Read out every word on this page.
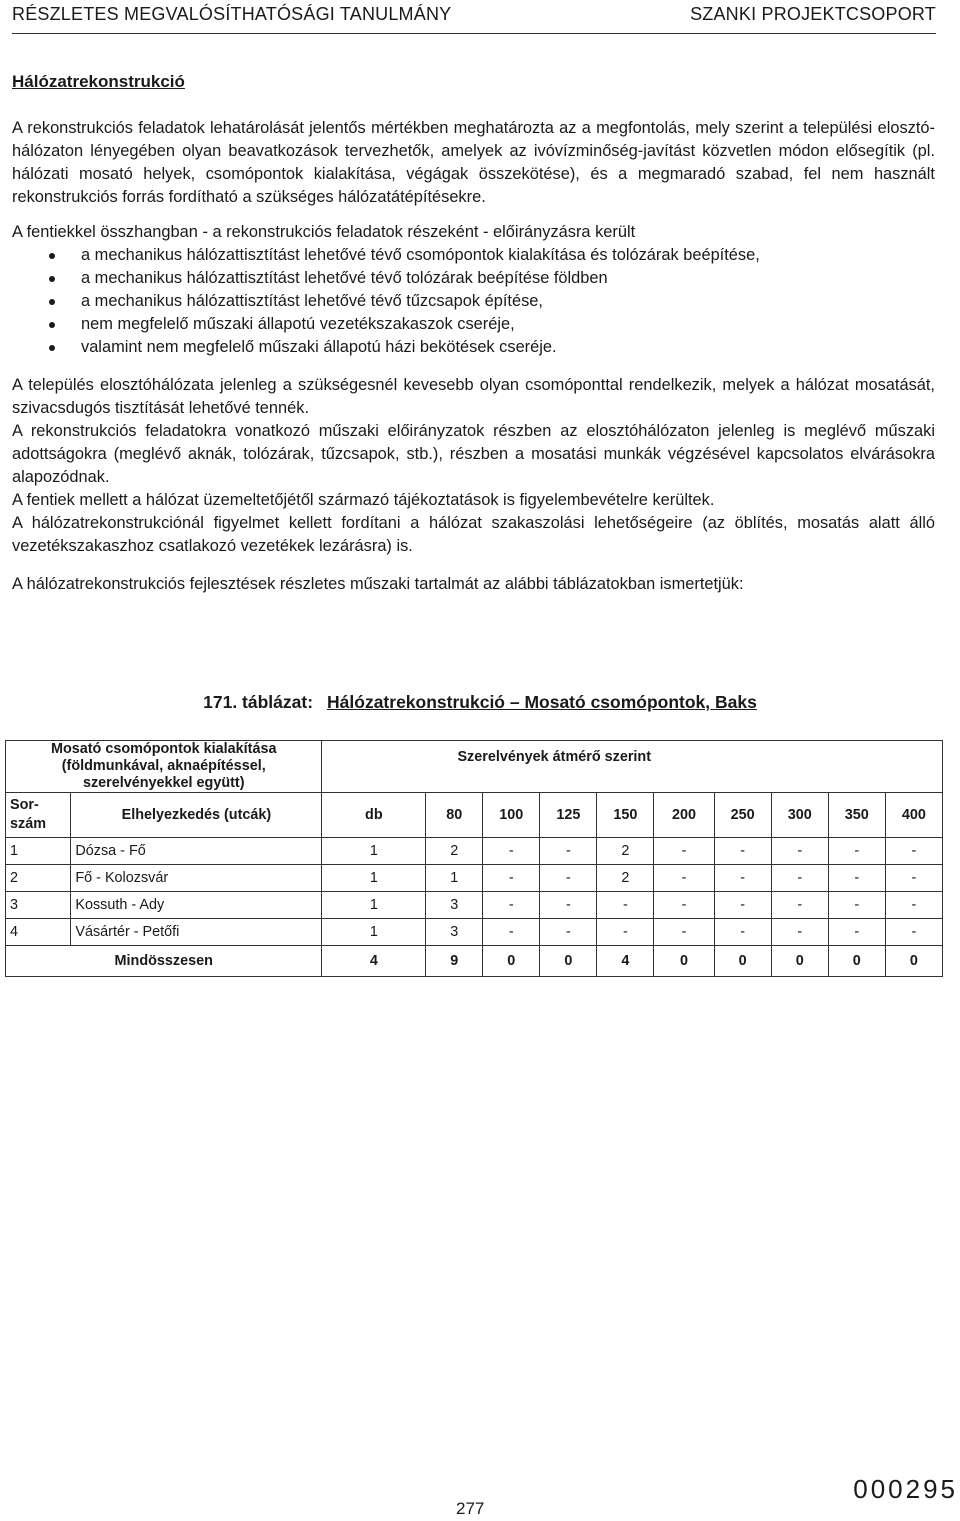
RÉSZLETES MEGVALÓSÍTHATÓSÁGI TANULMÁNY	SZANKI PROJEKTCSOPORT
Hálózatrekonstrukció

A rekonstrukciós feladatok lehatárolását jelentős mértékben meghatározta az a megfontolás, mely szerint a települési elosztó-hálózaton lényegében olyan beavatkozások tervezhetők, amelyek az ivóvízminőség-javítást közvetlen módon elősegítik (pl. hálózati mosató helyek, csomópontok kialakítása, végágak összekötése), és a megmaradó szabad, fel nem használt rekonstrukciós forrás fordítható a szükséges hálózatátépítésekre.

A fentiekkel összhangban - a rekonstrukciós feladatok részeként - előirányzásra került

a mechanikus hálózattisztítást lehetővé tévő csomópontok kialakítása és tolózárak beépítése,
a mechanikus hálózattisztítást lehetővé tévő tolózárak beépítése földben
a mechanikus hálózattisztítást lehetővé tévő tűzcsapok építése,
nem megfelelő műszaki állapotú vezetékszakaszok cseréje,
valamint nem megfelelő műszaki állapotú házi bekötések cseréje.

A település elosztóhálózata jelenleg a szükségesnél kevesebb olyan csomóponttal rendelkezik, melyek a hálózat mosatását, szivacsdugós tisztítását lehetővé tennék.

A rekonstrukciós feladatokra vonatkozó műszaki előirányzatok részben az elosztóhálózaton jelenleg is meglévő műszaki adottságokra (meglévő aknák, tolózárak, tűzcsapok, stb.), részben a mosatási munkák végzésével kapcsolatos elvárásokra alapozódnak.

A fentiek mellett a hálózat üzemeltetőjétől származó tájékoztatások is figyelembevételre kerültek.

A hálózatrekonstrukciónál figyelmet kellett fordítani a hálózat szakaszolási lehetőségeire (az öblítés, mosatás alatt álló vezetékszakaszhoz csatlakozó vezetékek lezárásra) is.

A hálózatrekonstrukciós fejlesztések részletes műszaki tartalmát az alábbi táblázatokban ismertetjük:

171. táblázat: Hálózatrekonstrukció – Mosató csomópontok, Baks
Mosató csomópontok kialakítása
(földmunkával, aknaépítéssel, szerelvényekkel együtt)		Szerelvények átmérő szerint									

Sor-
szám	Elhelyezkedés (utcák)	db	80	100	125	150	200	250	300	350	400
1	Dózsa - Fő	1	2	-	-	2	-	-	-	-	-
2	Fő - Kolozsvár	1	1	-	-	2	-	-	-	-	-
3	Kossuth - Ady	1	3	-	-	-	-	-	-	-	-
4	Vásártér - Petőfi	1	3	-	-	-	-	-	-	-	-
Mindösszesen		4	9	0	0	4	0	0	0	0	0
277
000295
